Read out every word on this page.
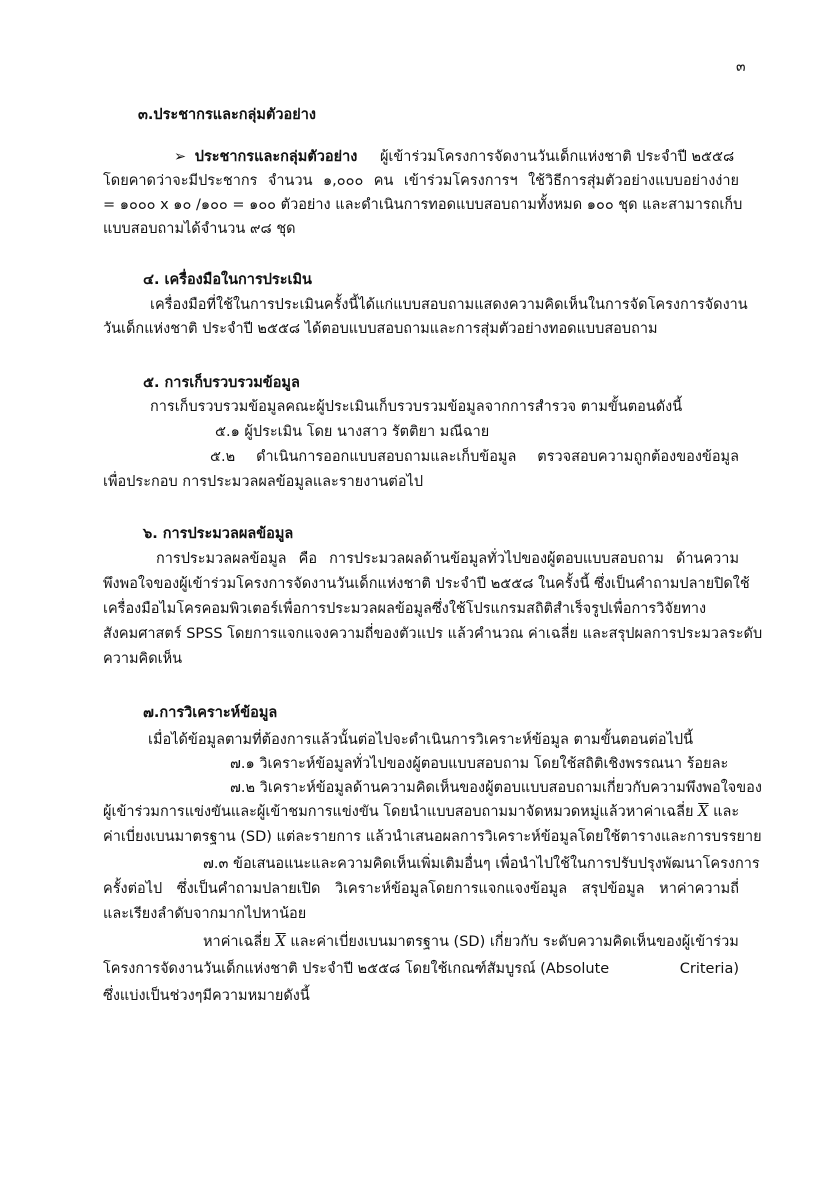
๓
๓.ประชากรและกลุ่มตัวอย่าง
➢ ประชากรและกลุ่มตัวอย่าง ผู้เข้าร่วมโครงการจัดงานวันเด็กแห่งชาติ ประจำปี ๒๕๕๘
โดยคาดว่าจะมีประชากร จำนวน ๑,๐๐๐ คน เข้าร่วมโครงการฯ ใช้วิธีการสุ่มตัวอย่างแบบอย่างง่าย
= ๑๐๐๐ x ๑๐ /๑๐๐ = ๑๐๐ ตัวอย่าง และดำเนินการทอดแบบสอบถามทั้งหมด ๑๐๐ ชุด และสามารถเก็บ
แบบสอบถามได้จำนวน ๙๘ ชุด
๔. เครื่องมือในการประเมิน
เครื่องมือที่ใช้ในการประเมินครั้งนี้ได้แก่แบบสอบถามแสดงความคิดเห็นในการจัดโครงการจัดงาน
วันเด็กแห่งชาติ ประจำปี ๒๕๕๘ ได้ตอบแบบสอบถามและการสุ่มตัวอย่างทอดแบบสอบถาม
๕. การเก็บรวบรวมข้อมูล
การเก็บรวบรวมข้อมูลคณะผู้ประเมินเก็บรวบรวมข้อมูลจากการสำรวจ ตามขั้นตอนดังนี้
๕.๑ ผู้ประเมิน โดย นางสาว รัตติยา มณีฉาย
๕.๒ ดำเนินการออกแบบสอบถามและเก็บข้อมูล ตรวจสอบความถูกต้องของข้อมูล
เพื่อประกอบ การประมวลผลข้อมูลและรายงานต่อไป
๖. การประมวลผลข้อมูล
การประมวลผลข้อมูล คือ การประมวลผลด้านข้อมูลทั่วไปของผู้ตอบแบบสอบถาม ด้านความ
พึงพอใจของผู้เข้าร่วมโครงการจัดงานวันเด็กแห่งชาติ ประจำปี ๒๕๕๘ ในครั้งนี้ ซึ่งเป็นคำถามปลายปิดใช้
เครื่องมือไมโครคอมพิวเตอร์เพื่อการประมวลผลข้อมูลซึ่งใช้โปรแกรมสถิติสำเร็จรูปเพื่อการวิจัยทาง
สังคมศาสตร์ SPSS โดยการแจกแจงความถี่ของตัวแปร แล้วคำนวณ ค่าเฉลี่ย และสรุปผลการประมวลระดับ
ความคิดเห็น
๗.การวิเคราะห์ข้อมูล
เมื่อได้ข้อมูลตามที่ต้องการแล้วนั้นต่อไปจะดำเนินการวิเคราะห์ข้อมูล ตามขั้นตอนต่อไปนี้
๗.๑ วิเคราะห์ข้อมูลทั่วไปของผู้ตอบแบบสอบถาม โดยใช้สถิติเชิงพรรณนา ร้อยละ
๗.๒ วิเคราะห์ข้อมูลด้านความคิดเห็นของผู้ตอบแบบสอบถามเกี่ยวกับความพึงพอใจของ
ผู้เข้าร่วมการแข่งขันและผู้เข้าชมการแข่งขัน โดยนำแบบสอบถามมาจัดหมวดหมู่แล้วหาค่าเฉลี่ย $\overline{X}$ และ
ค่าเบี่ยงเบนมาตรฐาน (SD) แต่ละรายการ แล้วนำเสนอผลการวิเคราะห์ข้อมูลโดยใช้ตารางและการบรรยาย
๗.๓ ข้อเสนอแนะและความคิดเห็นเพิ่มเติมอื่นๆ เพื่อนำไปใช้ในการปรับปรุงพัฒนาโครงการ
ครั้งต่อไป ซึ่งเป็นคำถามปลายเปิด วิเคราะห์ข้อมูลโดยการแจกแจงข้อมูล สรุปข้อมูล หาค่าความถี่
และเรียงลำดับจากมากไปหาน้อย
หาค่าเฉลี่ย $\overline{X}$ และค่าเบี่ยงเบนมาตรฐาน (SD) เกี่ยวกับ ระดับความคิดเห็นของผู้เข้าร่วม
โครงการจัดงานวันเด็กแห่งชาติ ประจำปี ๒๕๕๘ โดยใช้เกณฑ์สัมบูรณ์ (Absolute	Criteria)
ซึ่งแบ่งเป็นช่วงๆมีความหมายดังนี้
